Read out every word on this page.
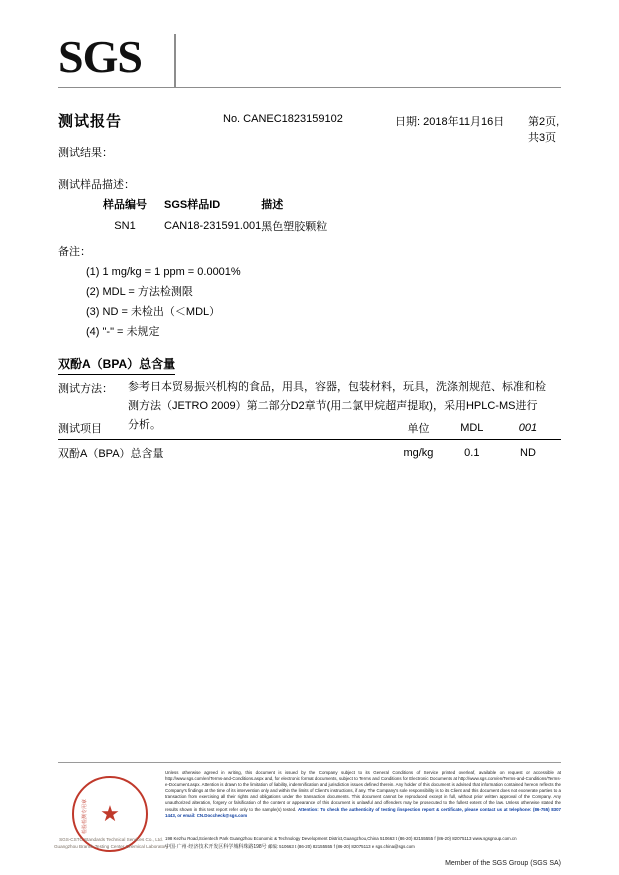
SGS
测试报告	No. CANEC1823159102	日期: 2018年11月16日 第2页,共3页
测试结果：
测试样品描述：
样品编号	SGS样品ID	描述
SN1	CAN18-231591.001	黑色塑胶颗粒
备注：
(1) 1 mg/kg = 1 ppm = 0.0001%
(2) MDL = 方法检测限
(3) ND = 未检出（＜MDL）
(4) "-" = 未规定
双酚A（BPA）总含量
测试方法： 参考日本贸易振兴机构的食品，用具，容器，包装材料，玩具，洗涤剂规范、标准和检测方法（JETRO 2009）第二部分D2章节(用二氯甲烷超声提取)，采用HPLC-MS进行分析。
测试项目	单位	MDL	001
双酚A（BPA）总含量	mg/kg	0.1	ND
检验检测专用章 ★
SGS-CSTC Standards Technical Services Co., Ltd.
Guangzhou Branch Testing Center Chemical Laboratory
Unless otherwise agreed in writing, this document is issued by the Company subject to its General Conditions of Service printed overleaf, available on request or accessible at http://www.sgs.com/en/Terms-and-Conditions.aspx and, for electronic format documents, subject to Terms and Conditions for Electronic Documents at http://www.sgs.com/en/Terms-and-Conditions/Terms-e-Document.aspx. Attention is drawn to the limitation of liability, indemnification and jurisdiction issues defined therein. Any holder of this document is advised that information contained hereon reflects the Company's findings at the time of its intervention only and within the limits of Client's instructions, if any. The Company's sole responsibility is to its Client and this document does not exonerate parties to a transaction from exercising all their rights and obligations under the transaction documents. This document cannot be reproduced except in full, without prior written approval of the Company. Any unauthorized alteration, forgery or falsification of the content or appearance of this document is unlawful and offenders may be prosecuted to the fullest extent of the law. Unless otherwise stated the results shown in this test report refer only to the sample(s) tested. Attention: To check the authenticity of testing /inspection report & certificate, please contact us at telephone: (86-755) 8307 1443, or email: CN.Doccheck@sgs.com
198 Kezhu Road,Scientech Park Guangzhou Economic & Technology Development District,Guangzhou,China 510663 t (86-20) 82155555 f (86-20) 82075113 www.sgsgroup.com.cn
中国·广州·经济技术开发区科学城科珠路198号 邮编: 510663 t (86-20) 82155555 f (86-20) 82075113 e sgs.china@sgs.com
Member of the SGS Group (SGS SA)
